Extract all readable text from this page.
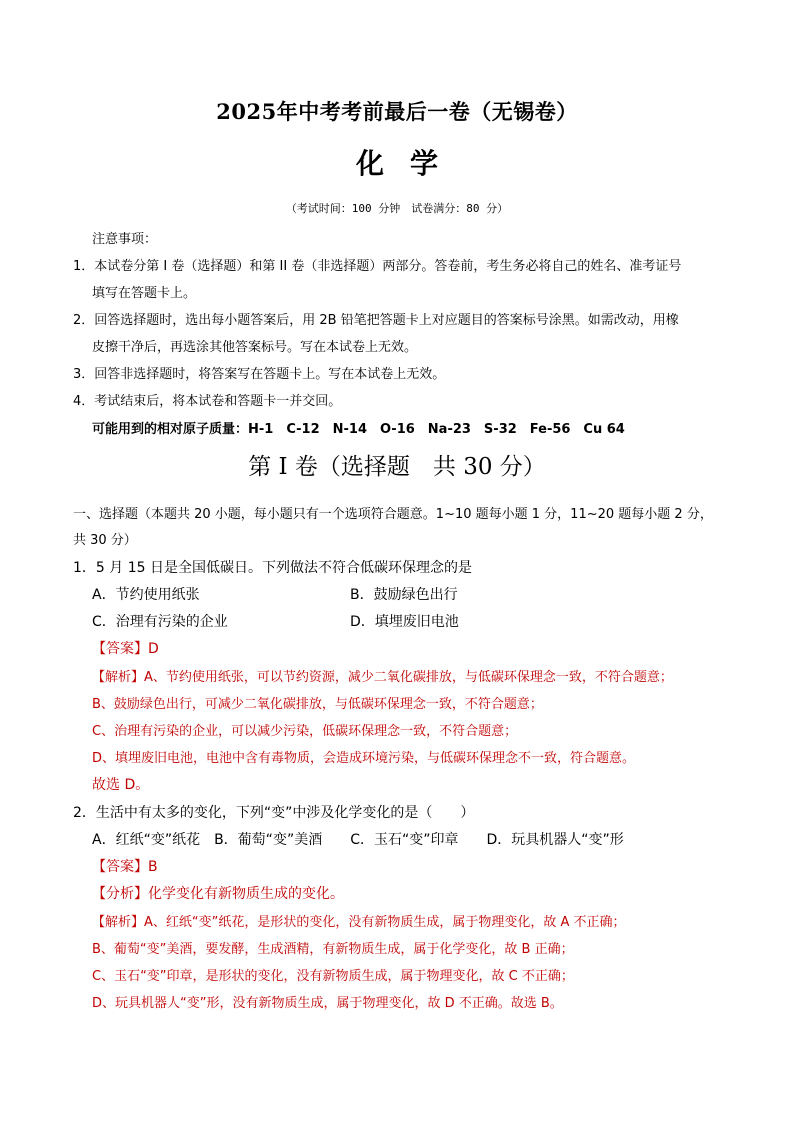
2025年中考考前最后一卷（无锡卷）
化学
（考试时间：100 分钟　试卷满分：80 分）
注意事项：
1．本试卷分第 I 卷（选择题）和第 II 卷（非选择题）两部分。答卷前，考生务必将自己的姓名、准考证号
填写在答题卡上。
2．回答选择题时，选出每小题答案后，用 2B 铅笔把答题卡上对应题目的答案标号涂黑。如需改动，用橡
皮擦干净后，再选涂其他答案标号。写在本试卷上无效。
3．回答非选择题时，将答案写在答题卡上。写在本试卷上无效。
4．考试结束后，将本试卷和答题卡一并交回。
可能用到的相对原子质量：H-1　C-12　N-14　O-16　Na-23　S-32　Fe-56　Cu 64
第 I 卷（选择题　共 30 分）
一、选择题（本题共 20 小题，每小题只有一个选项符合题意。1~10 题每小题 1 分，11~20 题每小题 2 分，
共 30 分）
1．5 月 15 日是全国低碳日。下列做法不符合低碳环保理念的是
A．节约使用纸张	B．鼓励绿色出行
C．治理有污染的企业	D．填埋废旧电池
【答案】D
【解析】A、节约使用纸张，可以节约资源，减少二氧化碳排放，与低碳环保理念一致，不符合题意；
B、鼓励绿色出行，可减少二氧化碳排放，与低碳环保理念一致，不符合题意；
C、治理有污染的企业，可以减少污染，低碳环保理念一致，不符合题意；
D、填埋废旧电池，电池中含有毒物质，会造成环境污染，与低碳环保理念不一致，符合题意。
故选 D。
2．生活中有太多的变化，下列“变”中涉及化学变化的是（　　）
A．红纸“变”纸花　B．葡萄“变”美酒　　C．玉石“变”印章　　D．玩具机器人“变”形
【答案】B
【分析】化学变化有新物质生成的变化。
【解析】A、红纸“变”纸花，是形状的变化，没有新物质生成，属于物理变化，故 A 不正确；
B、葡萄“变”美酒，要发酵，生成酒精，有新物质生成，属于化学变化，故 B 正确；
C、玉石“变”印章，是形状的变化，没有新物质生成，属于物理变化，故 C 不正确；
D、玩具机器人“变”形，没有新物质生成，属于物理变化，故 D 不正确。故选 B。
